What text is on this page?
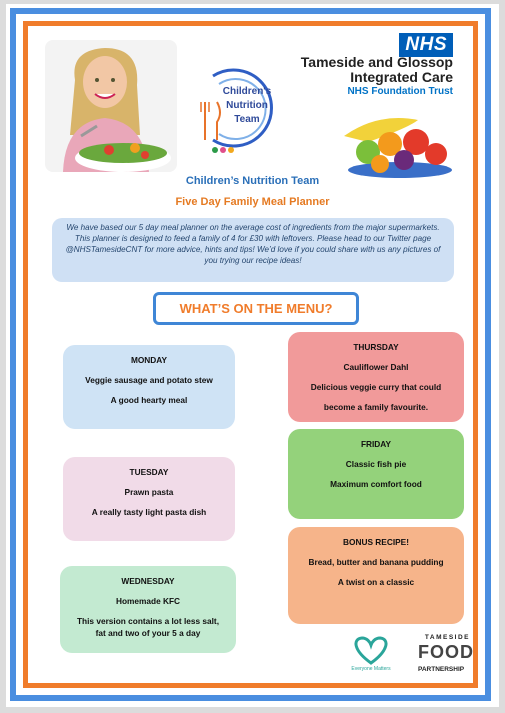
Children's
Nutrition
Team
NHS
Tameside and Glossop Integrated Care
NHS Foundation Trust
Children’s Nutrition Team
Five Day Family Meal Planner
We have based our 5 day meal planner on the average cost of ingredients from the major supermarkets.
This planner is designed to feed a family of 4 for £30 with leftovers. Please head to our Twitter page
@NHSTamesideCNT for more advice, hints and tips! We’d love if you could share with us any pictures of
you trying our recipe ideas!
WHAT’S ON THE MENU?

MONDAY

Veggie sausage and potato stew

A good hearty meal

TUESDAY

Prawn pasta

A really tasty light pasta dish

WEDNESDAY

Homemade KFC

This version contains a lot less salt,

fat and two of your 5 a day

THURSDAY

Cauliflower Dahl

Delicious veggie curry that could

become a family favourite.

FRIDAY

Classic fish pie

Maximum comfort food

BONUS RECIPE!

Bread, butter and banana pudding

A twist on a classic

Everyone Matters
TAMESIDE
FOOD
PARTNERSHIP
